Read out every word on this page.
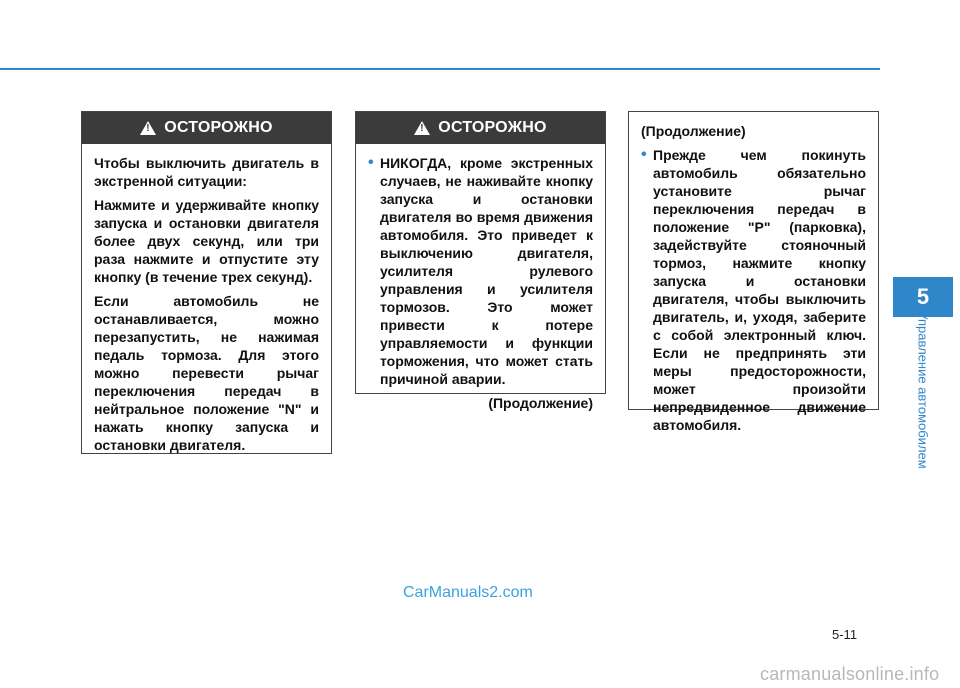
5
Управление автомобилем
!
ОСТОРОЖНО

Чтобы выключить двигатель в экстренной ситуации:

Нажмите и удерживайте кнопку запуска и остановки двигателя более двух секунд, или три раза нажмите и отпустите эту кнопку (в течение трех секунд).

Если автомобиль не останавливается, можно перезапустить, не нажимая педаль тормоза. Для этого можно перевести рычаг переключения передач в нейтральное положение "N" и нажать кнопку запуска и остановки двигателя.

!
ОСТОРОЖНО

• НИКОГДА, кроме экстренных случаев, не наживайте кнопку запуска и остановки двигателя во время движения автомобиля. Это приведет к выключению двигателя, усилителя рулевого управления и усилителя тормозов. Это может привести к потере управляемости и функции торможения, что может стать причиной аварии.

(Продолжение)

(Продолжение)

• Прежде чем покинуть автомобиль обязательно установите рычаг переключения передач в положение "P" (парковка), задействуйте стояночный тормоз, нажмите кнопку запуска и остановки двигателя, чтобы выключить двигатель, и, уходя, заберите с собой электронный ключ. Если не предпринять эти меры предосторожности, может произойти непредвиденное движение автомобиля.

CarManuals2.com
5-11
carmanualsonline.info
